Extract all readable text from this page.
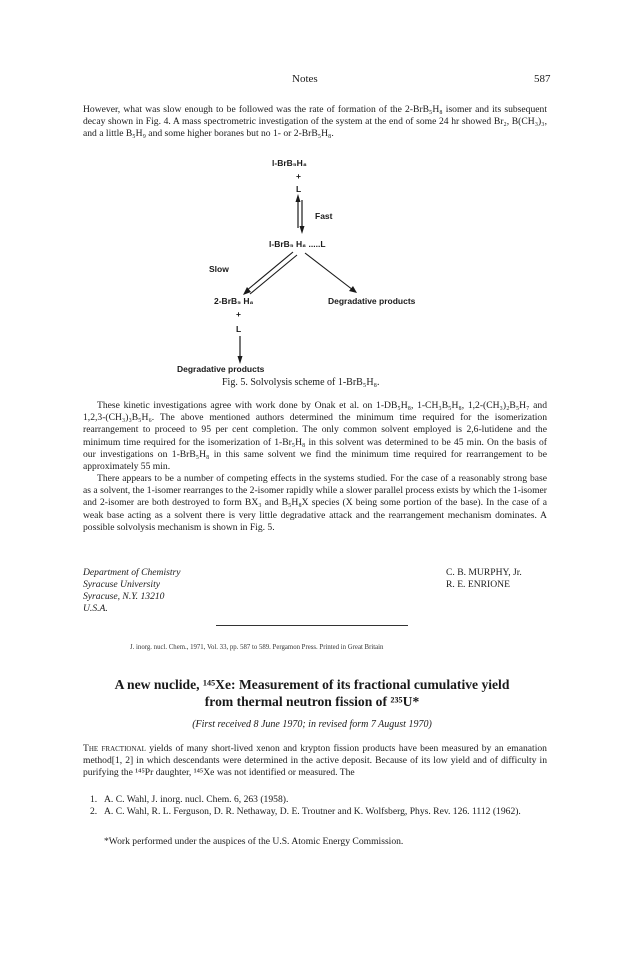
Notes	587
However, what was slow enough to be followed was the rate of formation of the 2-BrB₅H₈ isomer and its subsequent decay shown in Fig. 4. A mass spectrometric investigation of the system at the end of some 24 hr showed Br₂, B(CH₃)₃, and a little B₅H₉ and some higher boranes but no 1- or 2-BrB₅H₈.
l-BrB₅H₈
+
L
Fast
l-BrB₅ H₈ .....L
Slow
2-BrB₅ H₈	Degradative products
+
L
Degradative products
Fig. 5. Solvolysis scheme of 1-BrB₅H₈.
These kinetic investigations agree with work done by Onak et al. on 1-DB₅H₈, 1-CH₃B₅H₈, 1,2-(CH₃)₂B₅H₇ and 1,2,3-(CH₃)₃B₅H₆. The above mentioned authors determined the minimum time required for the isomerization rearrangement to proceed to 95 per cent completion. The only common solvent employed is 2,6-lutidene and the minimum time required for the isomerization of 1-Br₅H₈ in this solvent was determined to be 45 min. On the basis of our investigations on 1-BrB₅H₈ in this same solvent we find the minimum time required for rearrangement to be approximately 55 min.
There appears to be a number of competing effects in the systems studied. For the case of a reasonably strong base as a solvent, the 1-isomer rearranges to the 2-isomer rapidly while a slower parallel process exists by which the 1-isomer and 2-isomer are both destroyed to form BX₃ and B₅H₈X species (X being some portion of the base). In the case of a weak base acting as a solvent there is very little degradative attack and the rearrangement mechanism dominates. A possible solvolysis mechanism is shown in Fig. 5.
Department of Chemistry
Syracuse University
Syracuse, N.Y. 13210
U.S.A.
C. B. MURPHY, Jr.
R. E. ENRIONE
J. inorg. nucl. Chem., 1971, Vol. 33, pp. 587 to 589. Pergamon Press. Printed in Great Britain
A new nuclide, ¹⁴⁵Xe: Measurement of its fractional cumulative yield
from thermal neutron fission of ²³⁵U*
(First received 8 June 1970; in revised form 7 August 1970)
The fractional yields of many short-lived xenon and krypton fission products have been measured by an emanation method[1, 2] in which descendants were determined in the active deposit. Because of its low yield and of difficulty in purifying the ¹⁴⁵Pr daughter, ¹⁴⁵Xe was not identified or measured. The
1. A. C. Wahl, J. inorg. nucl. Chem. 6, 263 (1958).
2. A. C. Wahl, R. L. Ferguson, D. R. Nethaway, D. E. Troutner and K. Wolfsberg, Phys. Rev. 126. 1112 (1962).
*Work performed under the auspices of the U.S. Atomic Energy Commission.
